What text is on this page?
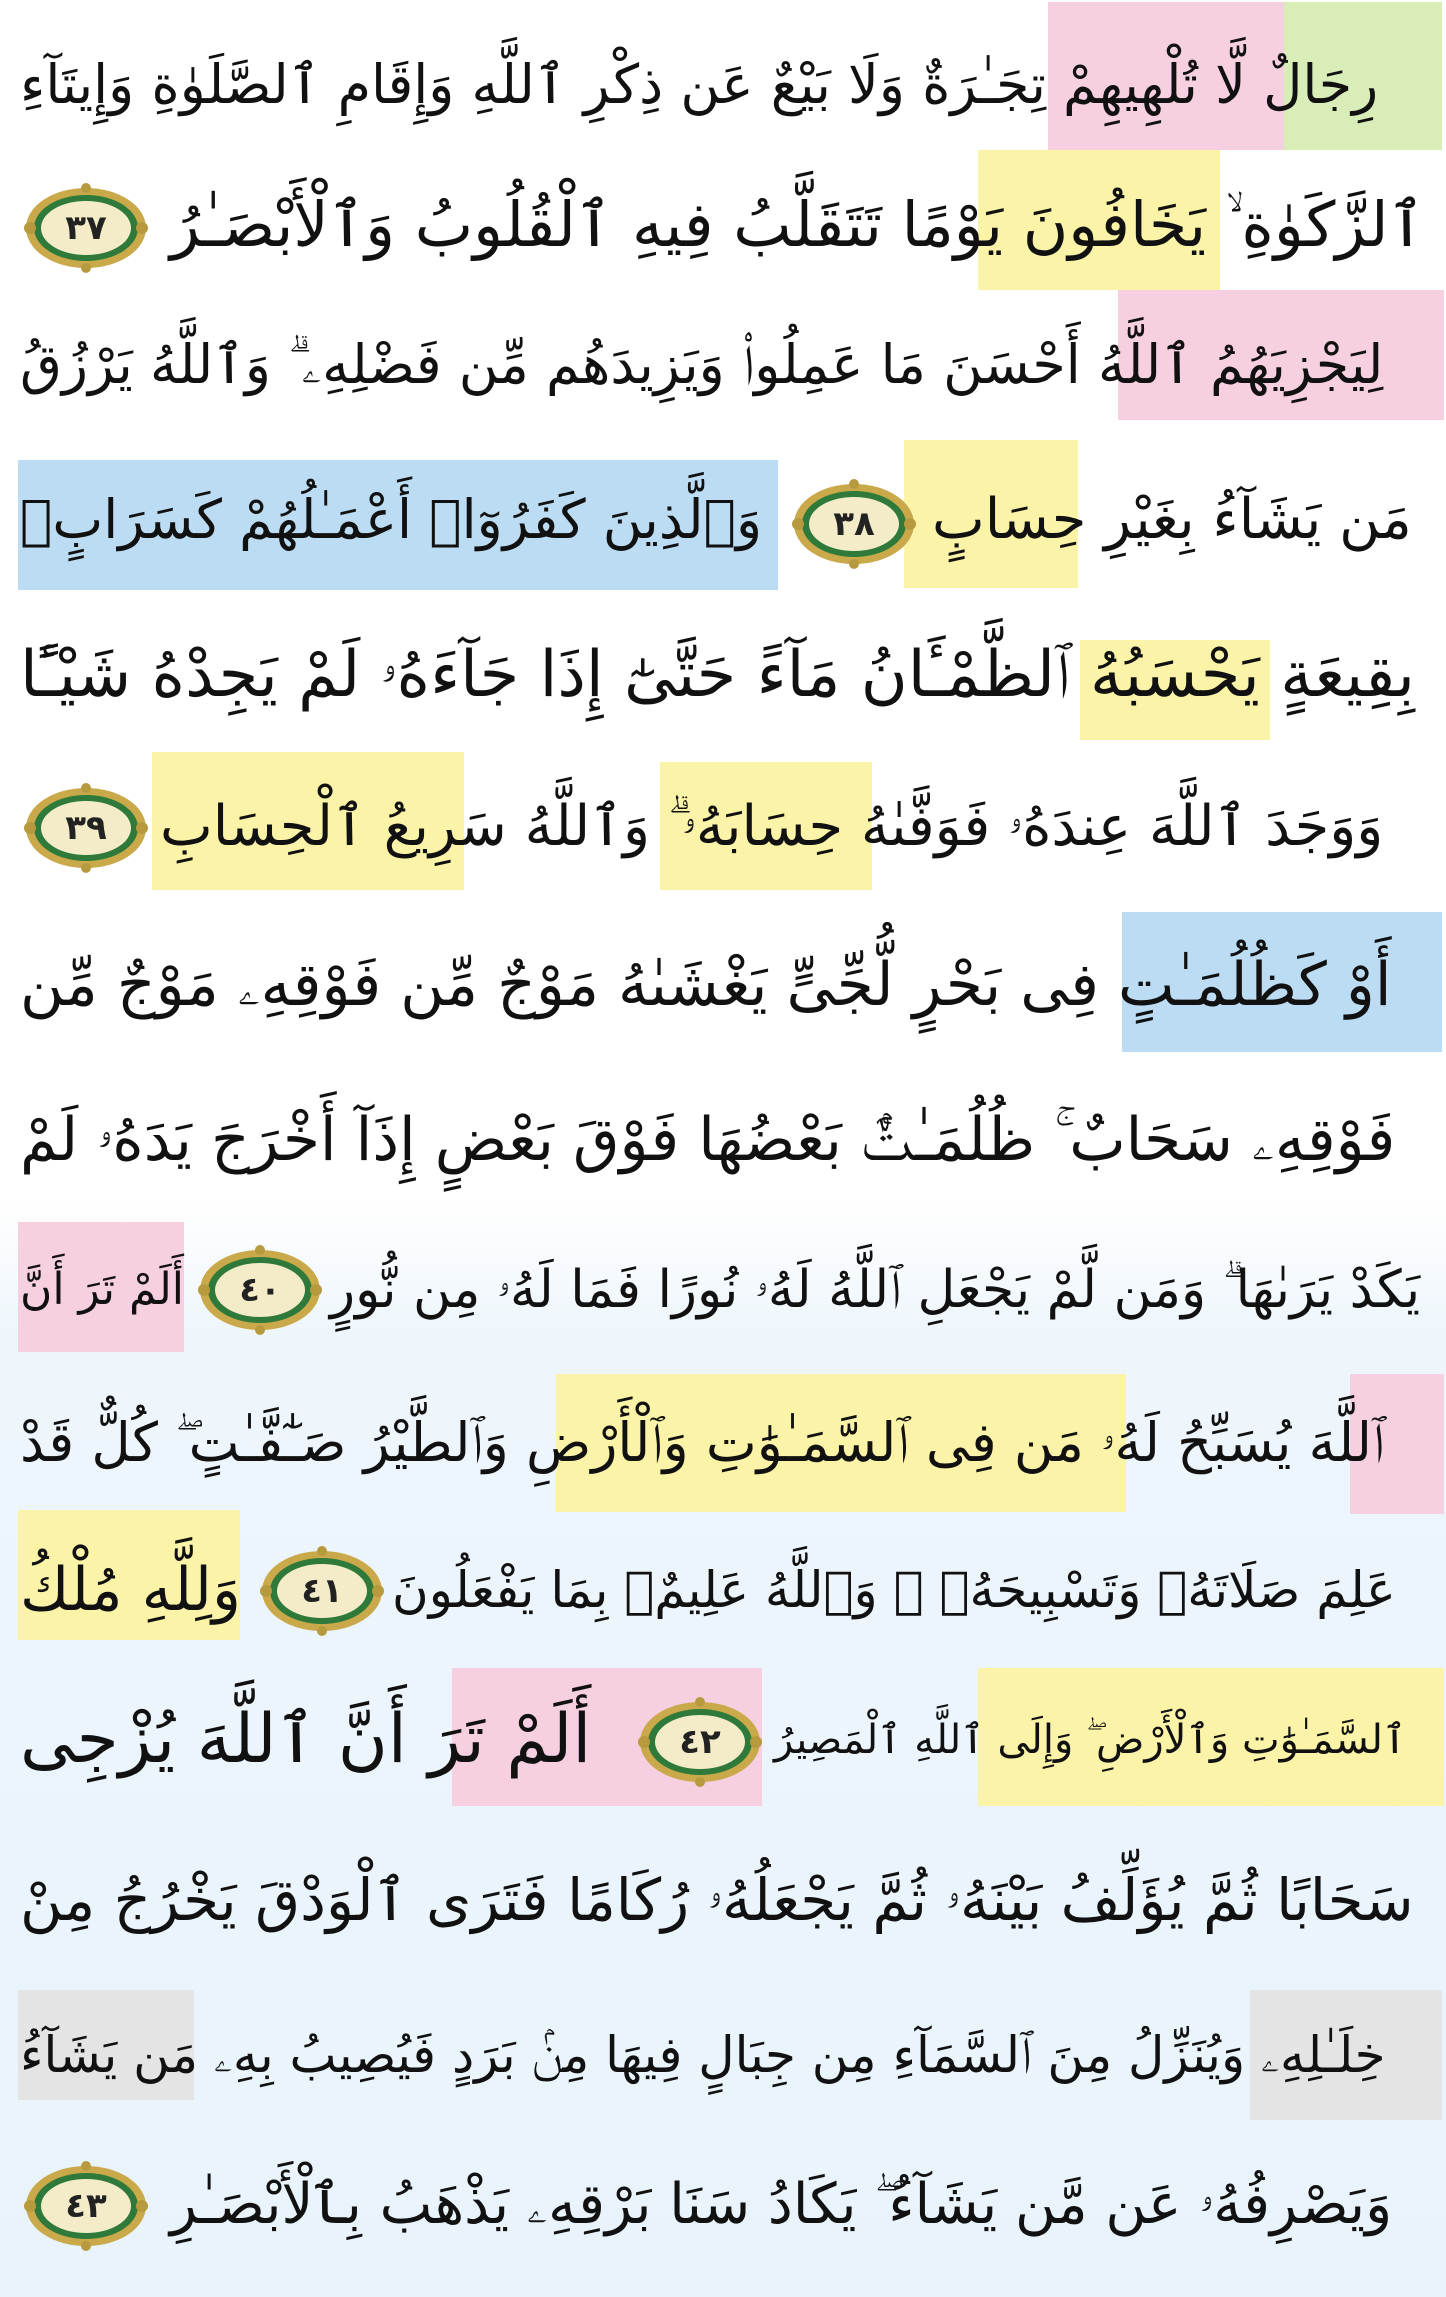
رِجَالٌ لَّا تُلْهِيهِمْ تِجَـٰرَةٌ وَلَا بَيْعٌ عَن ذِكْرِ ٱللَّهِ وَإِقَامِ ٱلصَّلَوٰةِ وَإِيتَآءِ
ٱلزَّكَوٰةِ ۙ يَخَافُونَ يَوْمًا تَتَقَلَّبُ فِيهِ ٱلْقُلُوبُ وَٱلْأَبْصَـٰرُ
٣٧
لِيَجْزِيَهُمُ ٱللَّهُ أَحْسَنَ مَا عَمِلُوا۟ وَيَزِيدَهُم مِّن فَضْلِهِۦ ۗ وَٱللَّهُ يَرْزُقُ
مَن يَشَآءُ بِغَيْرِ حِسَابٍ
٣٨
وَٱلَّذِينَ كَفَرُوٓا۟ أَعْمَـٰلُهُمْ كَسَرَابٍۭ
بِقِيعَةٍ يَحْسَبُهُ ٱلظَّمْـَٔانُ مَآءً حَتَّىٰٓ إِذَا جَآءَهُۥ لَمْ يَجِدْهُ شَيْـًٔا
وَوَجَدَ ٱللَّهَ عِندَهُۥ فَوَفَّىٰهُ حِسَابَهُۥ ۗ وَٱللَّهُ سَرِيعُ ٱلْحِسَابِ
٣٩
أَوْ كَظُلُمَـٰتٍ فِى بَحْرٍ لُّجِّىٍّ يَغْشَىٰهُ مَوْجٌ مِّن فَوْقِهِۦ مَوْجٌ مِّن
فَوْقِهِۦ سَحَابٌ ۚ ظُلُمَـٰتٌۢ بَعْضُهَا فَوْقَ بَعْضٍ إِذَآ أَخْرَجَ يَدَهُۥ لَمْ
يَكَدْ يَرَىٰهَا ۗ وَمَن لَّمْ يَجْعَلِ ٱللَّهُ لَهُۥ نُورًا فَمَا لَهُۥ مِن نُّورٍ
٤٠
أَلَمْ تَرَ أَنَّ
ٱللَّهَ يُسَبِّحُ لَهُۥ مَن فِى ٱلسَّمَـٰوَٰتِ وَٱلْأَرْضِ وَٱلطَّيْرُ صَـٰٓفَّـٰتٍ ۖ كُلٌّ قَدْ
عَلِمَ صَلَاتَهُۥ وَتَسْبِيحَهُۥ ۗ وَٱللَّهُ عَلِيمٌۢ بِمَا يَفْعَلُونَ
٤١
وَلِلَّهِ مُلْكُ
ٱلسَّمَـٰوَٰتِ وَٱلْأَرْضِ ۖ وَإِلَى ٱللَّهِ ٱلْمَصِيرُ
٤٢
أَلَمْ تَرَ أَنَّ ٱللَّهَ يُزْجِى
سَحَابًا ثُمَّ يُؤَلِّفُ بَيْنَهُۥ ثُمَّ يَجْعَلُهُۥ رُكَامًا فَتَرَى ٱلْوَدْقَ يَخْرُجُ مِنْ
خِلَـٰلِهِۦ وَيُنَزِّلُ مِنَ ٱلسَّمَآءِ مِن جِبَالٍ فِيهَا مِنۢ بَرَدٍ فَيُصِيبُ بِهِۦ مَن يَشَآءُ
وَيَصْرِفُهُۥ عَن مَّن يَشَآءُ ۖ يَكَادُ سَنَا بَرْقِهِۦ يَذْهَبُ بِٱلْأَبْصَـٰرِ
٤٣
